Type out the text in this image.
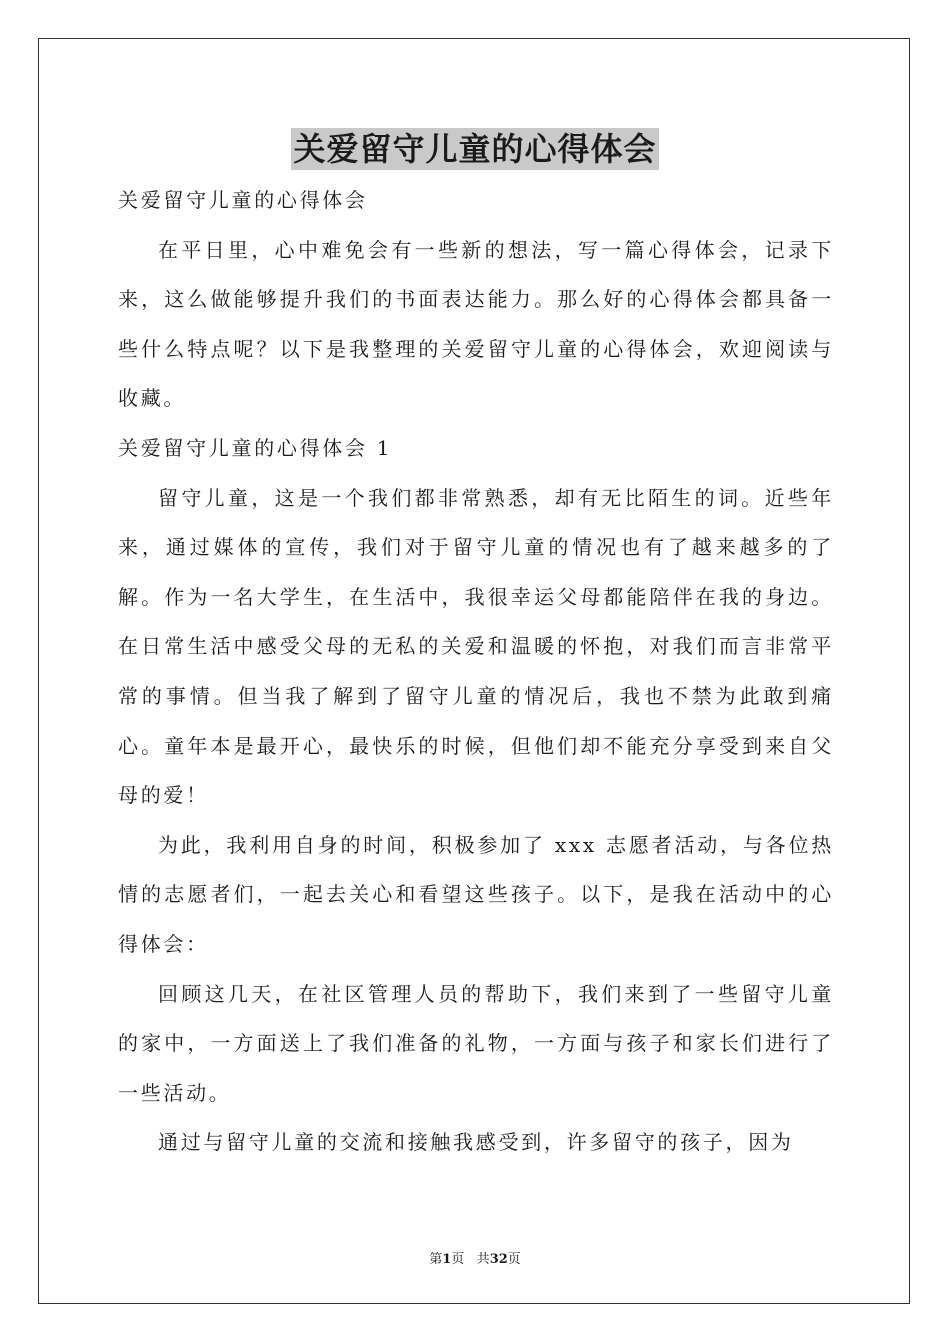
关爱留守儿童的心得体会

关爱留守儿童的心得体会

在平日里，心中难免会有一些新的想法，写一篇心得体会，记录下来，这么做能够提升我们的书面表达能力。那么好的心得体会都具备一些什么特点呢？以下是我整理的关爱留守儿童的心得体会，欢迎阅读与收藏。

关爱留守儿童的心得体会 1

留守儿童，这是一个我们都非常熟悉，却有无比陌生的词。近些年来，通过媒体的宣传，我们对于留守儿童的情况也有了越来越多的了解。作为一名大学生，在生活中，我很幸运父母都能陪伴在我的身边。在日常生活中感受父母的无私的关爱和温暖的怀抱，对我们而言非常平常的事情。但当我了解到了留守儿童的情况后，我也不禁为此敢到痛心。童年本是最开心，最快乐的时候，但他们却不能充分享受到来自父母的爱！

为此，我利用自身的时间，积极参加了 xxx 志愿者活动，与各位热情的志愿者们，一起去关心和看望这些孩子。以下，是我在活动中的心得体会：

回顾这几天，在社区管理人员的帮助下，我们来到了一些留守儿童的家中，一方面送上了我们准备的礼物，一方面与孩子和家长们进行了一些活动。

通过与留守儿童的交流和接触我感受到，许多留守的孩子，因为

第1页 共32页
